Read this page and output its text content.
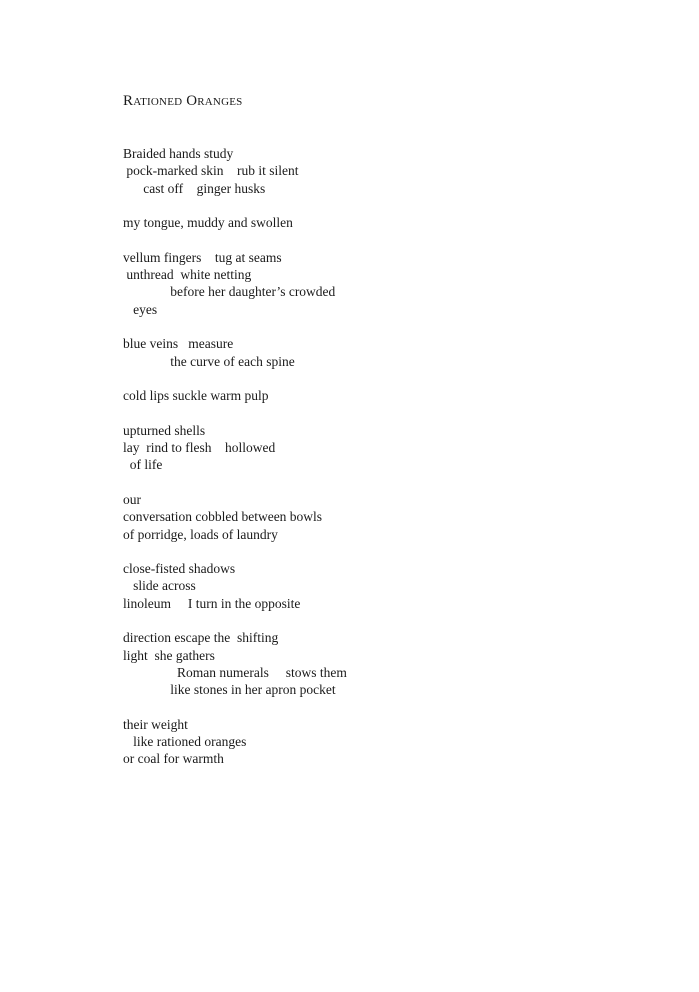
Rationed Oranges
Braided hands study
pock-marked skin    rub it silent
cast off    ginger husks
my tongue, muddy and swollen
vellum fingers    tug at seams
unthread  white netting
before her daughter’s crowded
eyes
blue veins   measure
the curve of each spine
cold lips suckle warm pulp
upturned shells
lay  rind to flesh    hollowed
of life
our
conversation cobbled between bowls
of porridge, loads of laundry
close-fisted shadows
slide across
linoleum     I turn in the opposite
direction escape the  shifting
light  she gathers
Roman numerals     stows them
like stones in her apron pocket
their weight
like rationed oranges
or coal for warmth
